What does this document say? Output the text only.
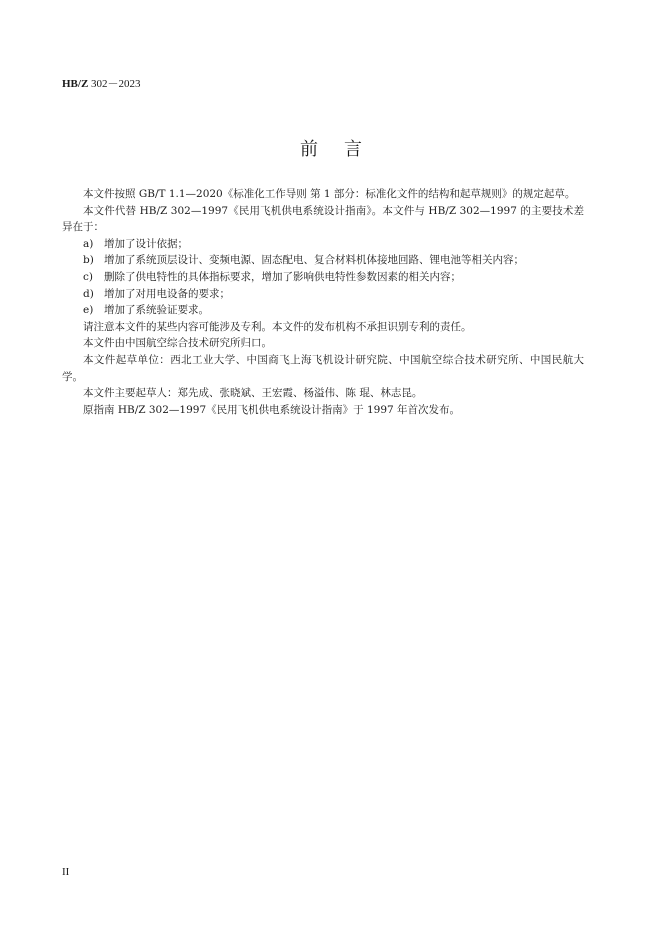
HB/Z 302－2023
前言

本文件按照 GB/T 1.1—2020《标准化工作导则 第 1 部分：标准化文件的结构和起草规则》的规定起草。

本文件代替 HB/Z 302—1997《民用飞机供电系统设计指南》。本文件与 HB/Z 302—1997 的主要技术差异在于：

a)	增加了设计依据；
b) 增加了系统顶层设计、变频电源、固态配电、复合材料机体接地回路、锂电池等相关内容；
c)	删除了供电特性的具体指标要求，增加了影响供电特性参数因素的相关内容；
d) 增加了对用电设备的要求；
e)	增加了系统验证要求。

请注意本文件的某些内容可能涉及专利。本文件的发布机构不承担识别专利的责任。

本文件由中国航空综合技术研究所归口。

本文件起草单位：西北工业大学、中国商飞上海飞机设计研究院、中国航空综合技术研究所、中国民航大学。

本文件主要起草人：郑先成、张晓斌、王宏霞、杨溢伟、陈 琨、林志昆。

原指南 HB/Z 302—1997《民用飞机供电系统设计指南》于 1997 年首次发布。

II
